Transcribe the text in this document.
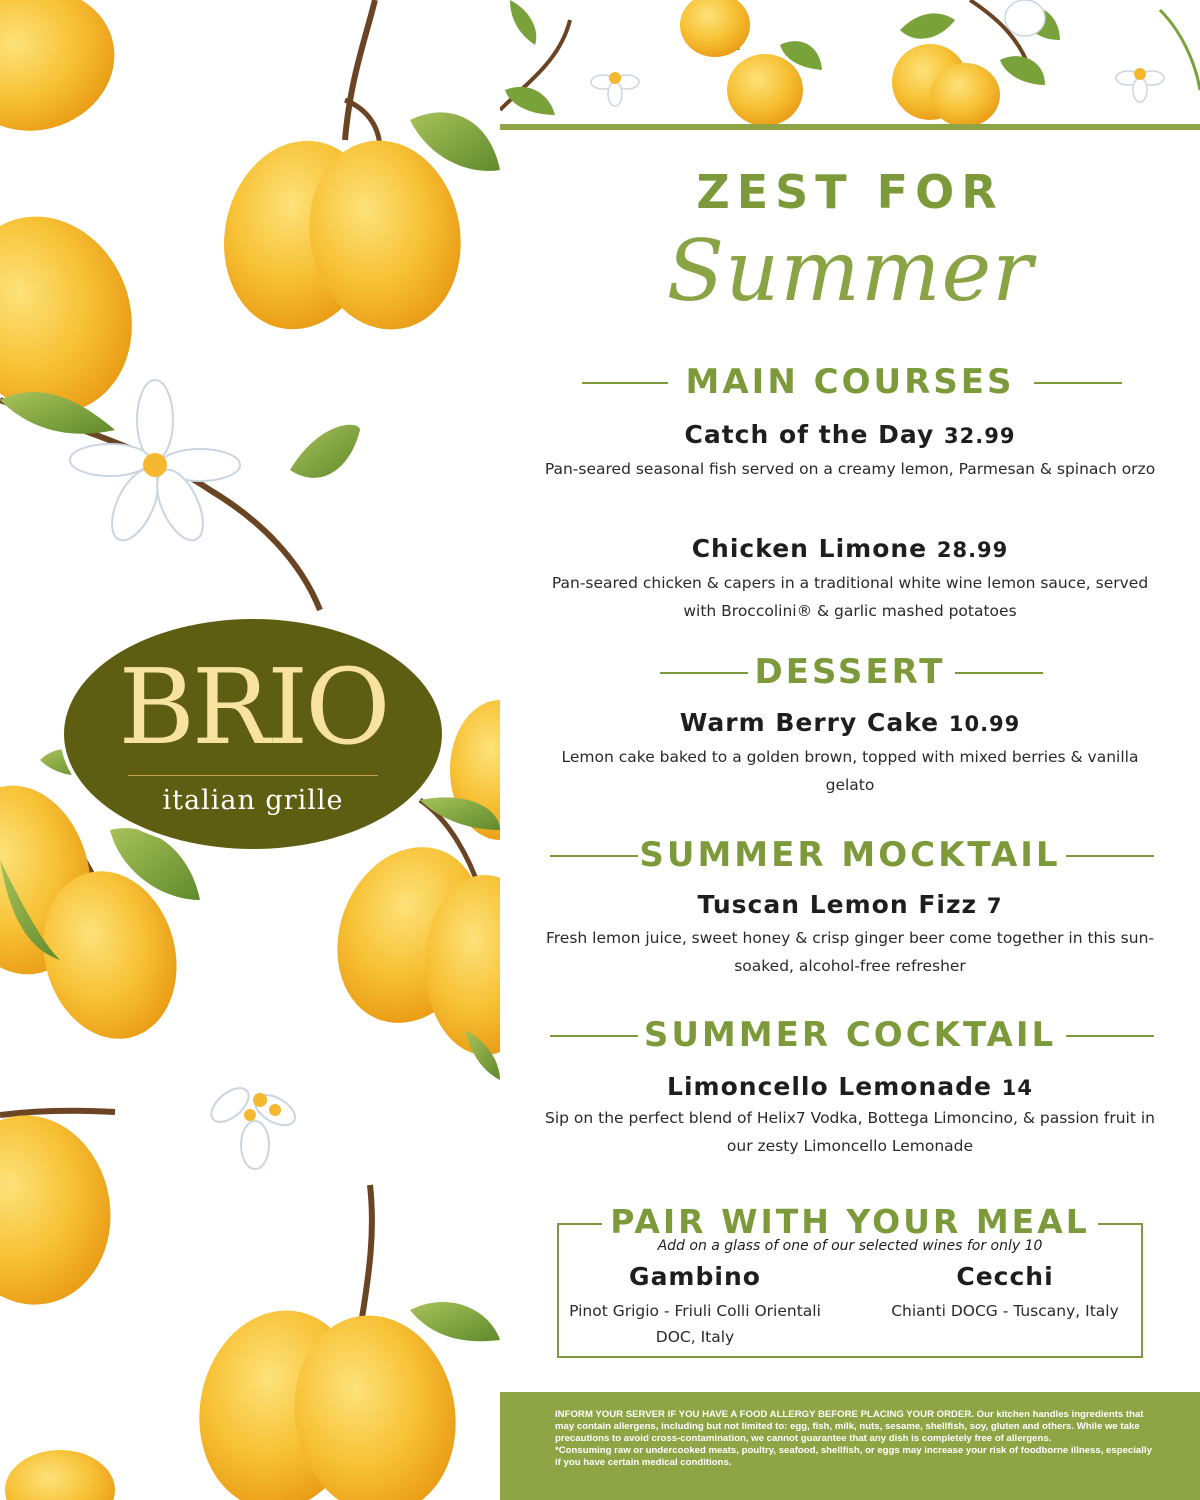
BRIO
italian grille
ZEST FOR
Summer
MAIN COURSES
Catch of the Day 32.99
Pan-seared seasonal fish served on a creamy lemon, Parmesan & spinach orzo
Chicken Limone 28.99
Pan-seared chicken & capers in a traditional white wine lemon sauce, served with Broccolini® & garlic mashed potatoes
DESSERT
Warm Berry Cake 10.99
Lemon cake baked to a golden brown, topped with mixed berries & vanilla gelato
SUMMER MOCKTAIL
Tuscan Lemon Fizz 7
Fresh lemon juice, sweet honey & crisp ginger beer come together in this sun-soaked, alcohol-free refresher
SUMMER COCKTAIL
Limoncello Lemonade 14
Sip on the perfect blend of Helix7 Vodka, Bottega Limoncino, & passion fruit in our zesty Limoncello Lemonade
PAIR WITH YOUR MEAL
Add on a glass of one of our selected wines for only 10
Gambino
Pinot Grigio - Friuli Colli Orientali DOC, Italy
Cecchi
Chianti DOCG - Tuscany, Italy
INFORM YOUR SERVER IF YOU HAVE A FOOD ALLERGY BEFORE PLACING YOUR ORDER. Our kitchen handles ingredients that may contain allergens, including but not limited to: egg, fish, milk, nuts, sesame, shellfish, soy, gluten and others. While we take precautions to avoid cross-contamination, we cannot guarantee that any dish is completely free of allergens.
*Consuming raw or undercooked meats, poultry, seafood, shellfish, or eggs may increase your risk of foodborne illness, especially if you have certain medical conditions.
